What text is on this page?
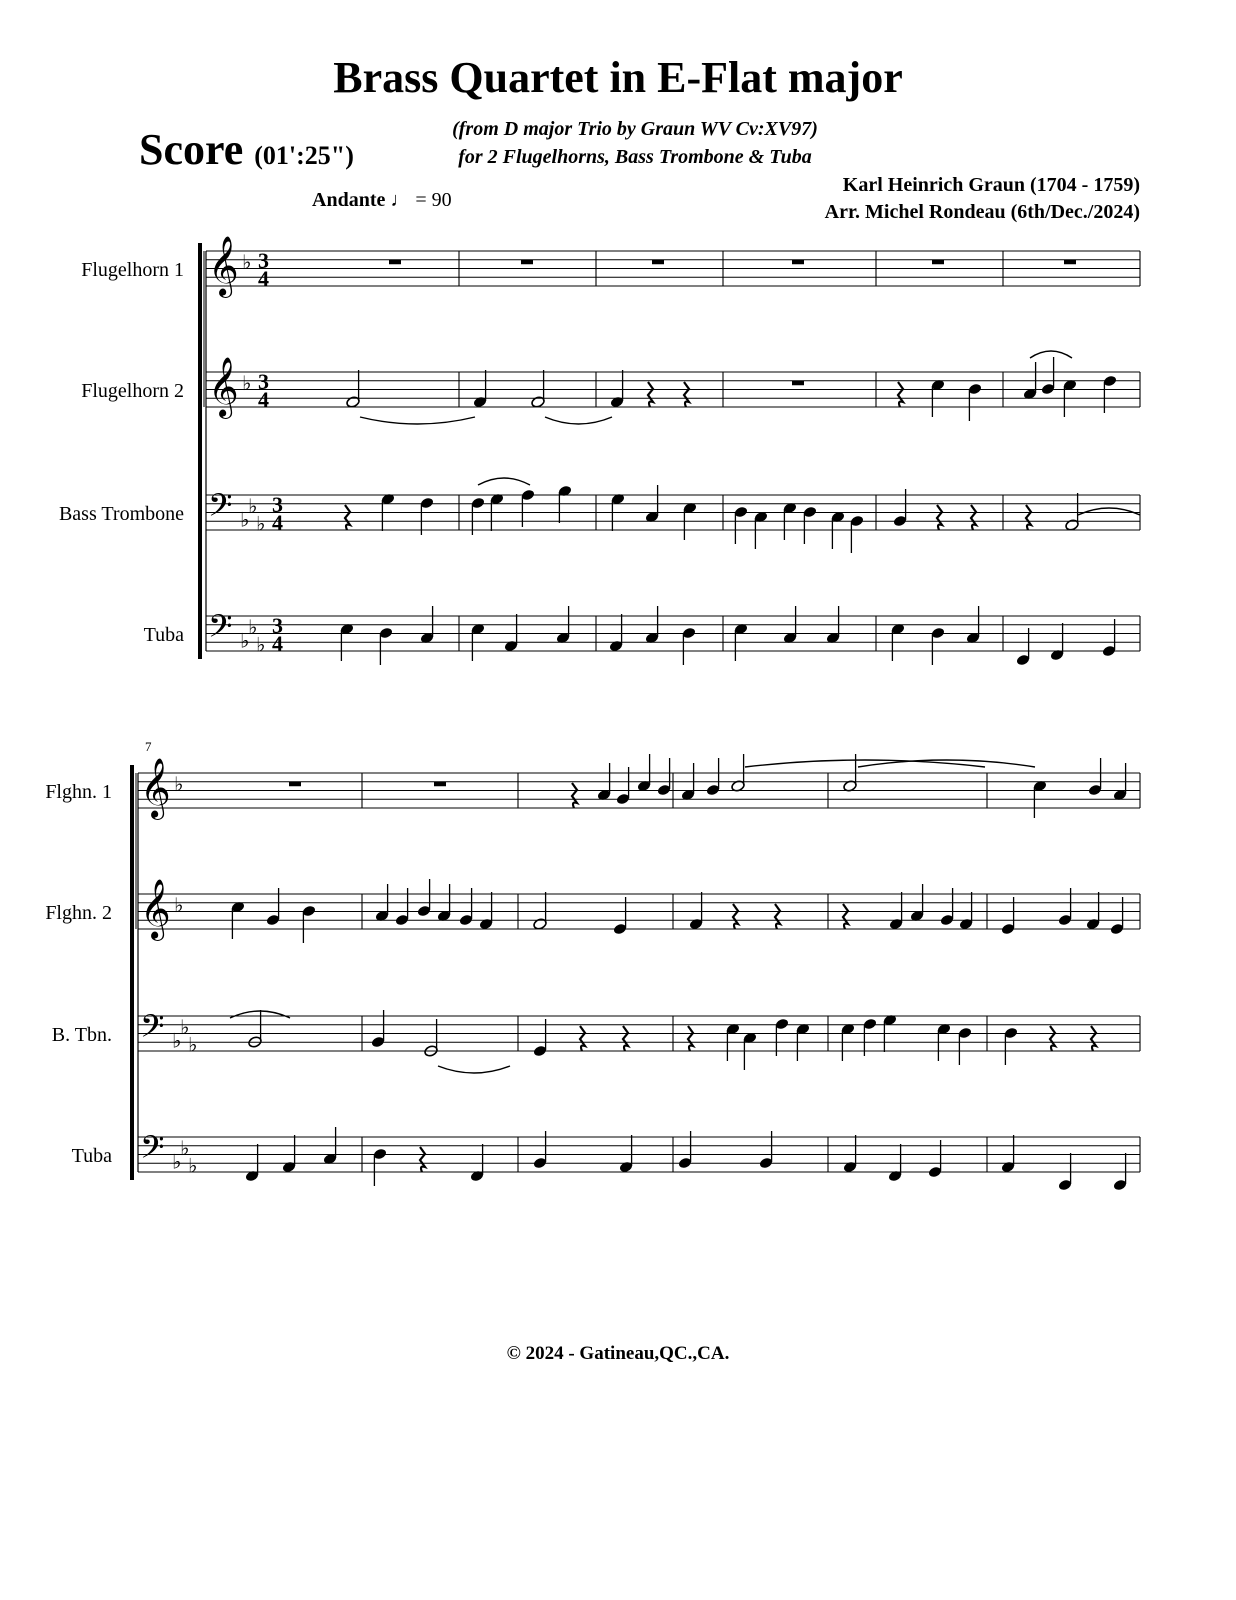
Brass Quartet in E-Flat major
Score (01':25")
(from D major Trio by Graun WV Cv:XV97)
for 2 Flugelhorns, Bass Trombone & Tuba
Karl Heinrich Graun (1704 - 1759)
Arr. Michel Rondeau (6th/Dec./2024)
Andante ♩ = 90
Flugelhorn 1
Flugelhorn 2
Bass Trombone
Tuba
Flghn. 1
Flghn. 2
B. Tbn.
Tuba
7
© 2024 - Gatineau,QC.,CA.
𝄞 ♭ 3
4
𝄞 ♭ 3
4
𝄢 ♭
♭
♭
3
4
𝄢 ♭
♭
♭
3
4
𝄞 ♭
𝄞 ♭
𝄢 ♭
♭
♭
𝄢 ♭
♭
♭
